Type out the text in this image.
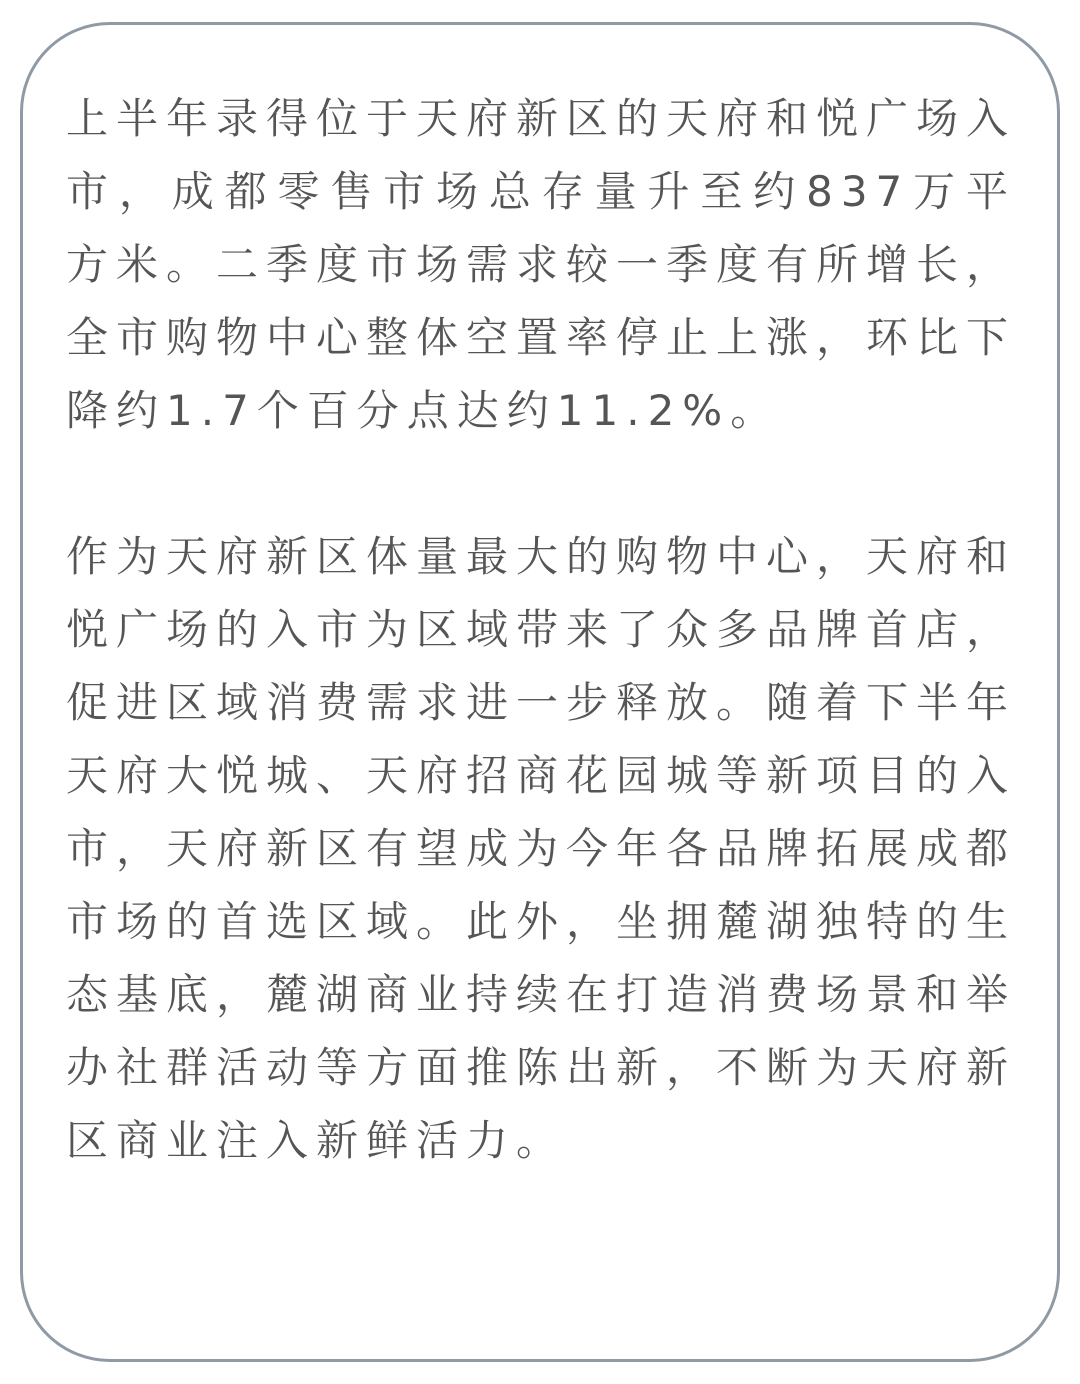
上半年录得位于天府新区的天府和悦广场入市，成都零售市场总存量升至约837万平方米。二季度市场需求较一季度有所增长，全市购物中心整体空置率停止上涨，环比下降约1.7个百分点达约11.2%。

作为天府新区体量最大的购物中心，天府和悦广场的入市为区域带来了众多品牌首店，促进区域消费需求进一步释放。随着下半年天府大悦城、天府招商花园城等新项目的入市，天府新区有望成为今年各品牌拓展成都市场的首选区域。此外，坐拥麓湖独特的生态基底，麓湖商业持续在打造消费场景和举办社群活动等方面推陈出新，不断为天府新区商业注入新鲜活力。
